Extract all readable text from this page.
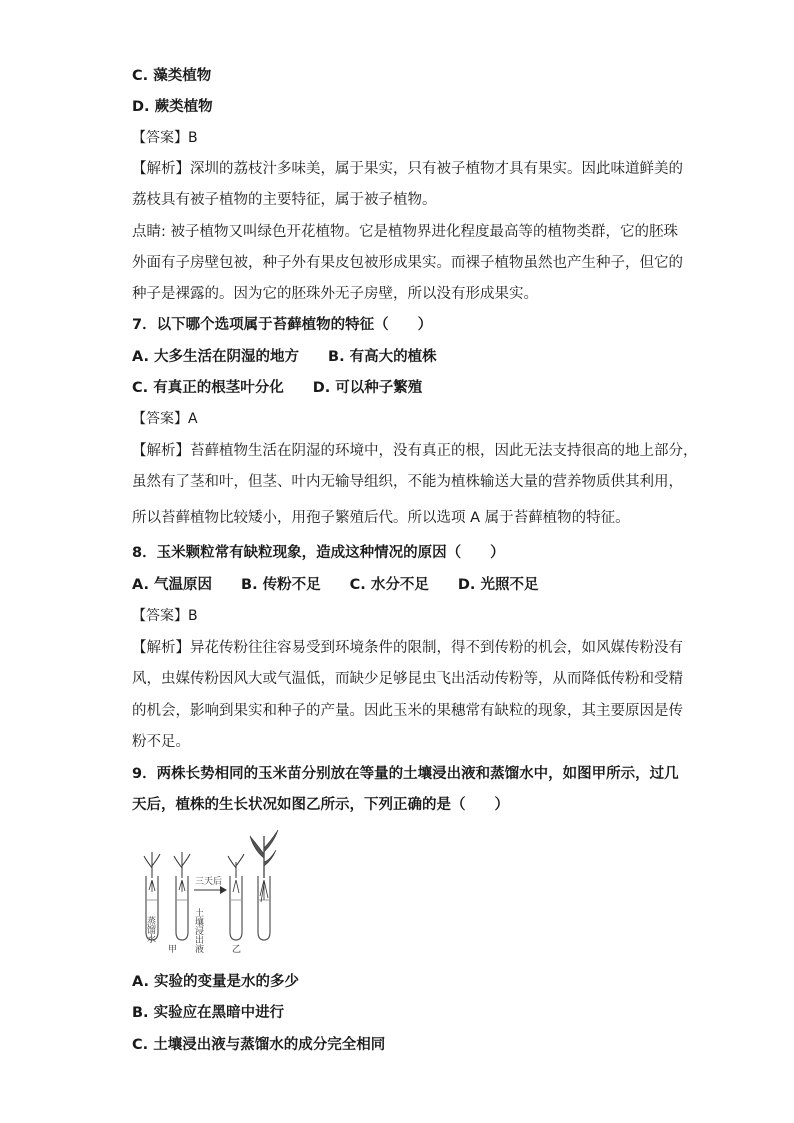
C. 藻类植物
D. 蕨类植物
【答案】B
【解析】深圳的荔枝汁多味美，属于果实，只有被子植物才具有果实。因此味道鲜美的
荔枝具有被子植物的主要特征，属于被子植物。
点睛: 被子植物又叫绿色开花植物。它是植物界进化程度最高等的植物类群，它的胚珠
外面有子房壁包被，种子外有果皮包被形成果实。而裸子植物虽然也产生种子，但它的
种子是裸露的。因为它的胚珠外无子房壁，所以没有形成果实。
7．以下哪个选项属于苔藓植物的特征（　　）
A. 大多生活在阴湿的地方　　B. 有高大的植株
C. 有真正的根茎叶分化　　D. 可以种子繁殖
【答案】A
【解析】苔藓植物生活在阴湿的环境中，没有真正的根，因此无法支持很高的地上部分，
虽然有了茎和叶，但茎、叶内无输导组织，不能为植株输送大量的营养物质供其利用，
所以苔藓植物比较矮小，用孢子繁殖后代。所以选项 A 属于苔藓植物的特征。
8．玉米颗粒常有缺粒现象，造成这种情况的原因（　　）
A. 气温原因　　B. 传粉不足　　C. 水分不足　　D. 光照不足
【答案】B
【解析】异花传粉往往容易受到环境条件的限制，得不到传粉的机会，如风媒传粉没有
风，虫媒传粉因风大或气温低，而缺少足够昆虫飞出活动传粉等，从而降低传粉和受精
的机会，影响到果实和种子的产量。因此玉米的果穗常有缺粒的现象，其主要原因是传
粉不足。
9．两株长势相同的玉米苗分别放在等量的土壤浸出液和蒸馏水中，如图甲所示，过几
天后，植株的生长状况如图乙所示，下列正确的是（　　）
蒸馏水	土壤浸出液
三天后
甲	乙
A. 实验的变量是水的多少
B. 实验应在黑暗中进行
C. 土壤浸出液与蒸馏水的成分完全相同
